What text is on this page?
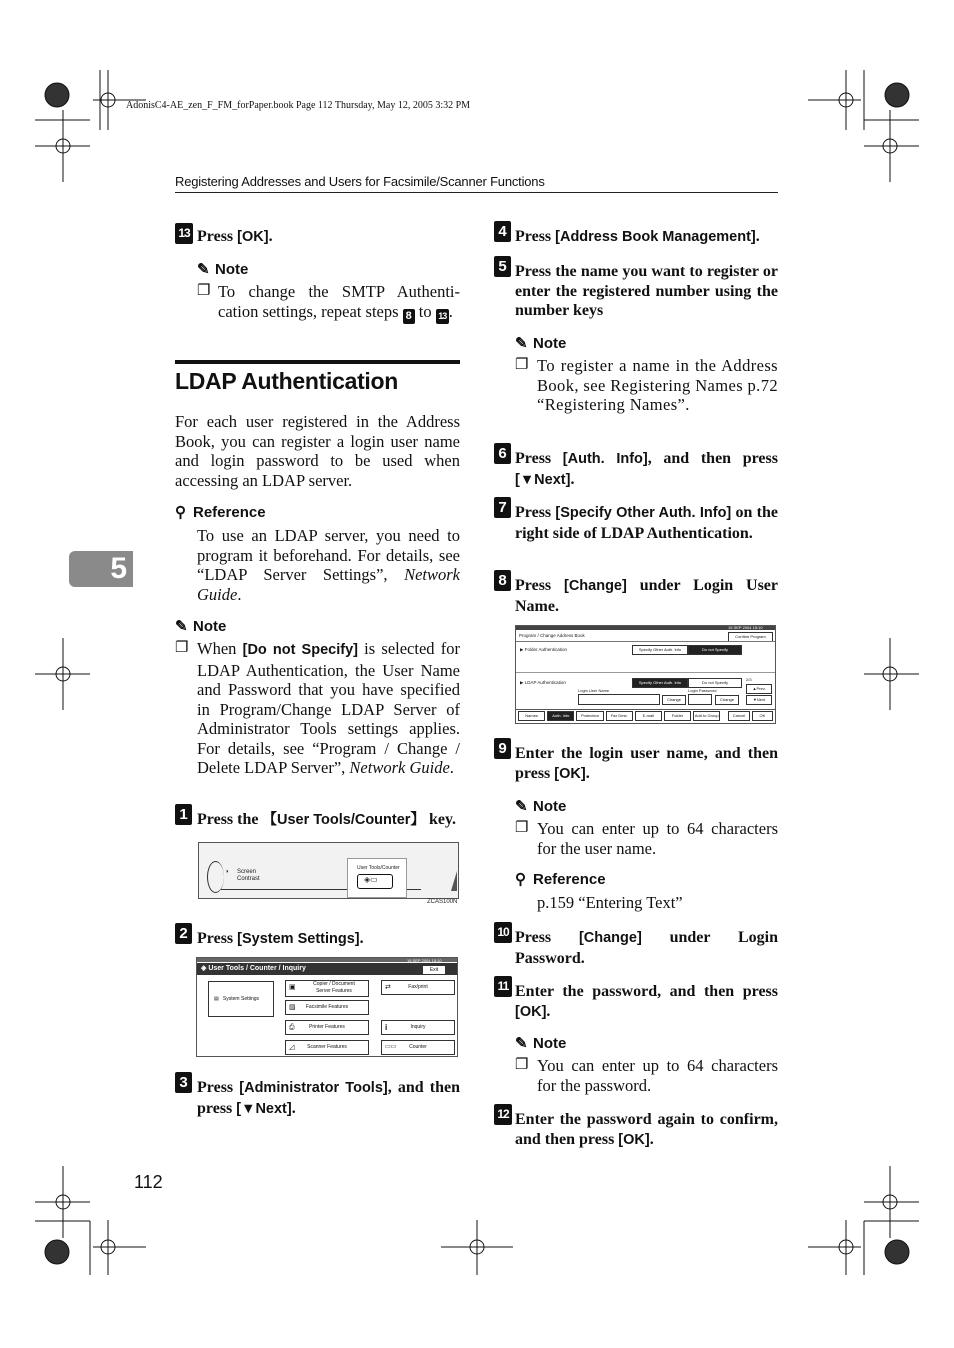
AdonisC4-AE_zen_F_FM_forPaper.book Page 112 Thursday, May 12, 2005 3:32 PM
Registering Addresses and Users for Facsimile/Scanner Functions
5
112
13 Press [OK].
✎ Note
❐ To change the SMTP Authenti-cation settings, repeat steps 8 to 13 .
LDAP Authentication
For each user registered in the Address Book, you can register a login user name and login password to be used when accessing an LDAP server.
⚲ Reference
To use an LDAP server, you need to program it beforehand. For details, see “LDAP Server Settings”, Network Guide.
✎ Note
❐ When [Do not Specify] is selected for LDAP Authentication, the User Name and Password that you have specified in Program/Change LDAP Server of Administrator Tools settings applies. For details, see “Program / Change / Delete LDAP Server”, Network Guide.
1 Press the 【User Tools/Counter】 key.
◑ Screen
Contrast
User Tools/Counter
◈▭
ZCAS100N
2 Press [System Settings].
15 SEP 2004 15:10
◈ User Tools / Counter / Inquiry	Exit
▤ System Settings
▣	Copier / Document Server Features
▨ Facsimile Features
⎙	Printer Features
◿	Scanner Features
⇄	Fax/print
i	Inquiry
▭▭	Counter
3 Press [Administrator Tools], and then press [▼Next].
4 Press [Address Book Management].
5 Press the name you want to register or enter the registered number using the number keys
✎ Note
❐ To register a name in the Address Book, see Registering Names p.72 “Registering Names”.
6 Press [Auth. Info], and then press [▼Next].
7 Press [Specify Other Auth. Info] on the right side of LDAP Authentication.
8 Press [Change] under Login User Name.
15 SEP 2004 15:10
Program / Change Address Book	Confirm Program
▶ Folder Authentication	Specify Other Auth. Info	Do not Specify
▶ LDAP Authentication	Specify Other Auth. Info	Do not Specify
2/3
▲Prev.
▼Next
Login User Name	Login Password
Change	Change
Names	Auth. Info	Protection	Fax Dest.	E-mail	Folder	Add to Group	Cancel	OK
9 Enter the login user name, and then press [OK].
✎ Note
❐ You can enter up to 64 characters for the user name.
⚲ Reference
p.159 “Entering Text”
10 Press [Change] under Login Password.
11 Enter the password, and then press [OK].
✎ Note
❐ You can enter up to 64 characters for the password.
12 Enter the password again to confirm, and then press [OK].
